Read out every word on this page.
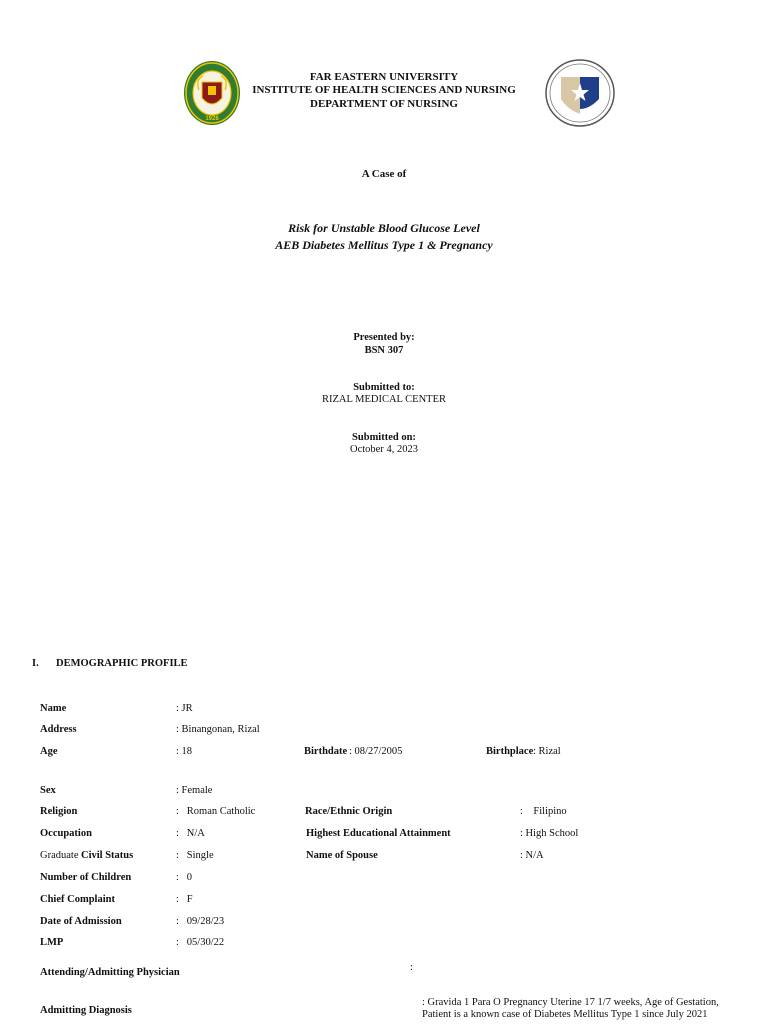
1928
FAR EASTERN UNIVERSITY
INSTITUTE OF HEALTH SCIENCES AND NURSING
DEPARTMENT OF NURSING
A Case of
Risk for Unstable Blood Glucose Level
AEB Diabetes Mellitus Type 1 & Pregnancy
Presented by:
BSN 307
Submitted to:
RIZAL MEDICAL CENTER
Submitted on:
October 4, 2023
I. DEMOGRAPHIC PROFILE
Name	: JR
Address	: Binangonan, Rizal
Age	: 18	Birthdate : 08/27/2005	Birthplace : Rizal
Sex	: Female
Religion	:   Roman Catholic	Race/Ethnic Origin	:    Filipino
Occupation	:   N/A	Highest Educational Attainment	: High School
Graduate Civil Status	:   Single	Name of Spouse	: N/A
Number of Children	:   0
Chief Complaint	:   F
Date of Admission	:   09/28/23
LMP	:   05/30/22
Attending/Admitting Physician	:
Admitting Diagnosis
: Gravida 1 Para O Pregnancy Uterine 17 1/7 weeks, Age of Gestation,
Patient is a known case of Diabetes Mellitus Type 1 since July 2021
